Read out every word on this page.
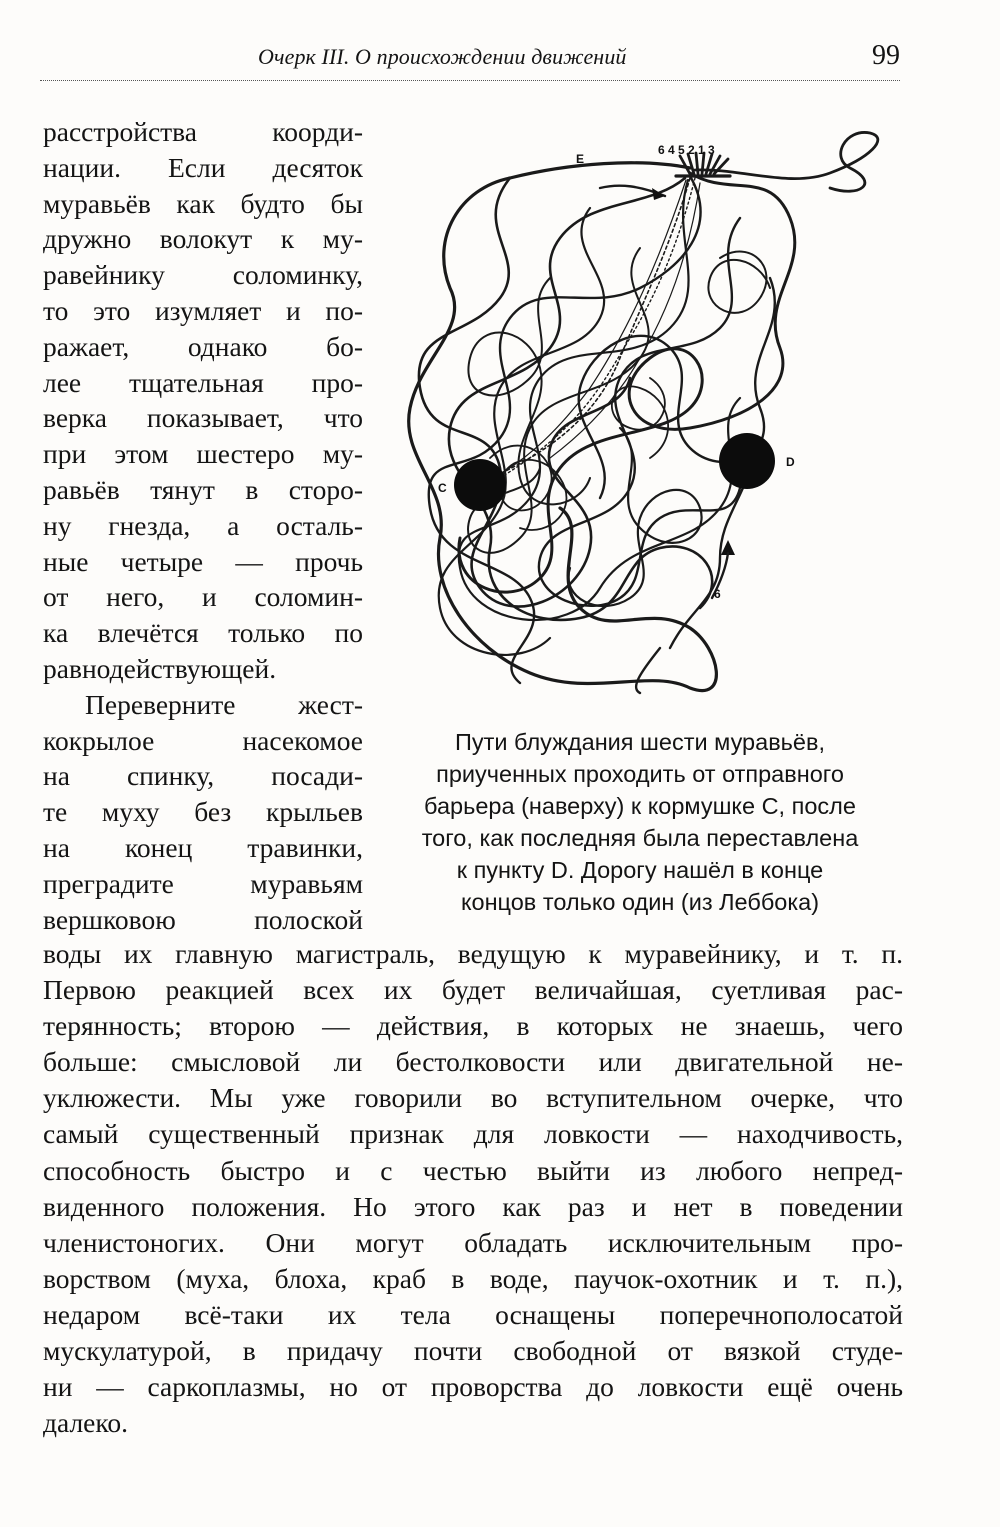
Очерк III. О происхождении движений	99
расстройства коорди-
нации. Если десяток
муравьёв как будто бы
дружно волокут к му-
равейнику соломинку,
то это изумляет и по-
ражает, однако бо-
лее тщательная про-
верка показывает, что
при этом шестеро му-
равьёв тянут в сторо-
ну гнезда, а осталь-
ные четыре — прочь
от него, и соломин-
ка влечётся только по
равнодействующей.
Переверните жест-
кокрылое насекомое
на спинку, посади-
те муху без крыльев
на конец травинки,
преградите муравьям
вершковою полоской
E
6 4 5 2 1 3
C
D
6
Пути блуждания шести муравьёв,
приученных проходить от отправного
барьера (наверху) к кормушке C, после
того, как последняя была переставлена
к пункту D. Дорогу нашёл в конце
концов только один (из Леббока)
воды их главную магистраль, ведущую к муравейнику, и т. п.
Первою реакцией всех их будет величайшая, суетливая рас-
терянность; второю — действия, в которых не знаешь, чего
больше: смысловой ли бестолковости или двигательной не-
уклюжести. Мы уже говорили во вступительном очерке, что
самый существенный признак для ловкости — находчивость,
способность быстро и с честью выйти из любого непред-
виденного положения. Но этого как раз и нет в поведении
членистоногих. Они могут обладать исключительным про-
ворством (муха, блоха, краб в воде, паучок-охотник и т. п.),
недаром всё-таки их тела оснащены поперечнополосатой
мускулатурой, в придачу почти свободной от вязкой студе-
ни — саркоплазмы, но от проворства до ловкости ещё очень
далеко.
